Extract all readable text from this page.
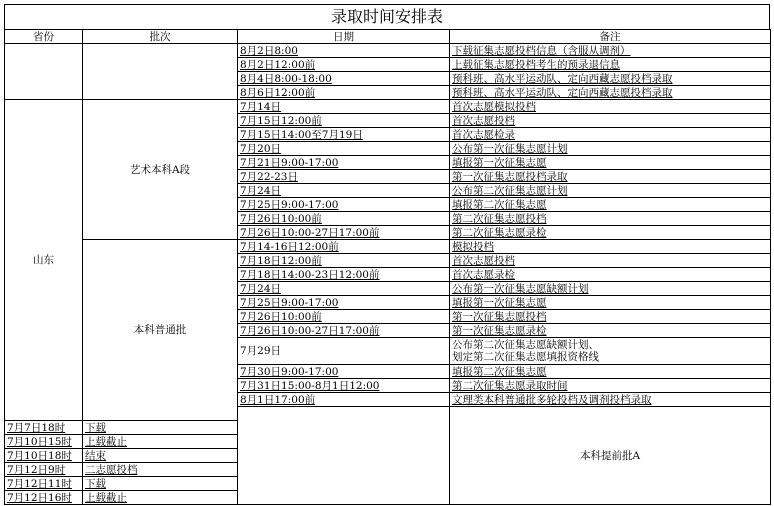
录取时间安排表
省份	批次	日期	备注	
		8月2日8:00	下载征集志愿投档信息（含服从调剂）	
		8月2日12:00前	上载征集志愿投档考生的预录退信息	
		8月4日8:00-18:00	预科班、高水平运动队、定向西藏志愿投档录取	
		8月6日12:00前	预科班、高水平运动队、定向西藏志愿投档录取	
山东	艺术本科A段	7月14日	首次志愿模拟投档	
		7月15日12:00前	首次志愿投档	
		7月15日14:00至7月19日	首次志愿检录	
		7月20日	公布第一次征集志愿计划	
		7月21日9:00-17:00	填报第一次征集志愿	
		7月22-23日	第一次征集志愿投档录取	
		7月24日	公布第二次征集志愿计划	
		7月25日9:00-17:00	填报第二次征集志愿	
		7月26日10:00前	第二次征集志愿投档	
		7月26日10:00-27日17:00前	第二次征集志愿录检	
	本科普通批	7月14-16日12:00前	模拟投档	
		7月18日12:00前	首次志愿投档	
		7月18日14:00-23日12:00前	首次志愿录检	
		7月24日	公布第一次征集志愿缺额计划	
		7月25日9:00-17:00	填报第一次征集志愿	
		7月26日10:00前	第一次征集志愿投档	
		7月26日10:00-27日17:00前	第一次征集志愿录检	
		7月29日	公布第二次征集志愿缺额计划、
划定第二次征集志愿填报资格线	

		7月30日9:00-17:00	填报第二次征集志愿	
		7月31日15:00-8月1日12:00	第二次征集志愿录取时间	
		8月1日17:00前	文理类本科普通批多轮投档及调剂投档录取	
			本科提前批A		
7月7日18时	下载			
7月10日15时	上载截止			
7月10日18时	结束			
7月12日9时	二志愿投档			
7月12日11时	下载			
7月12日16时	上载截止			
